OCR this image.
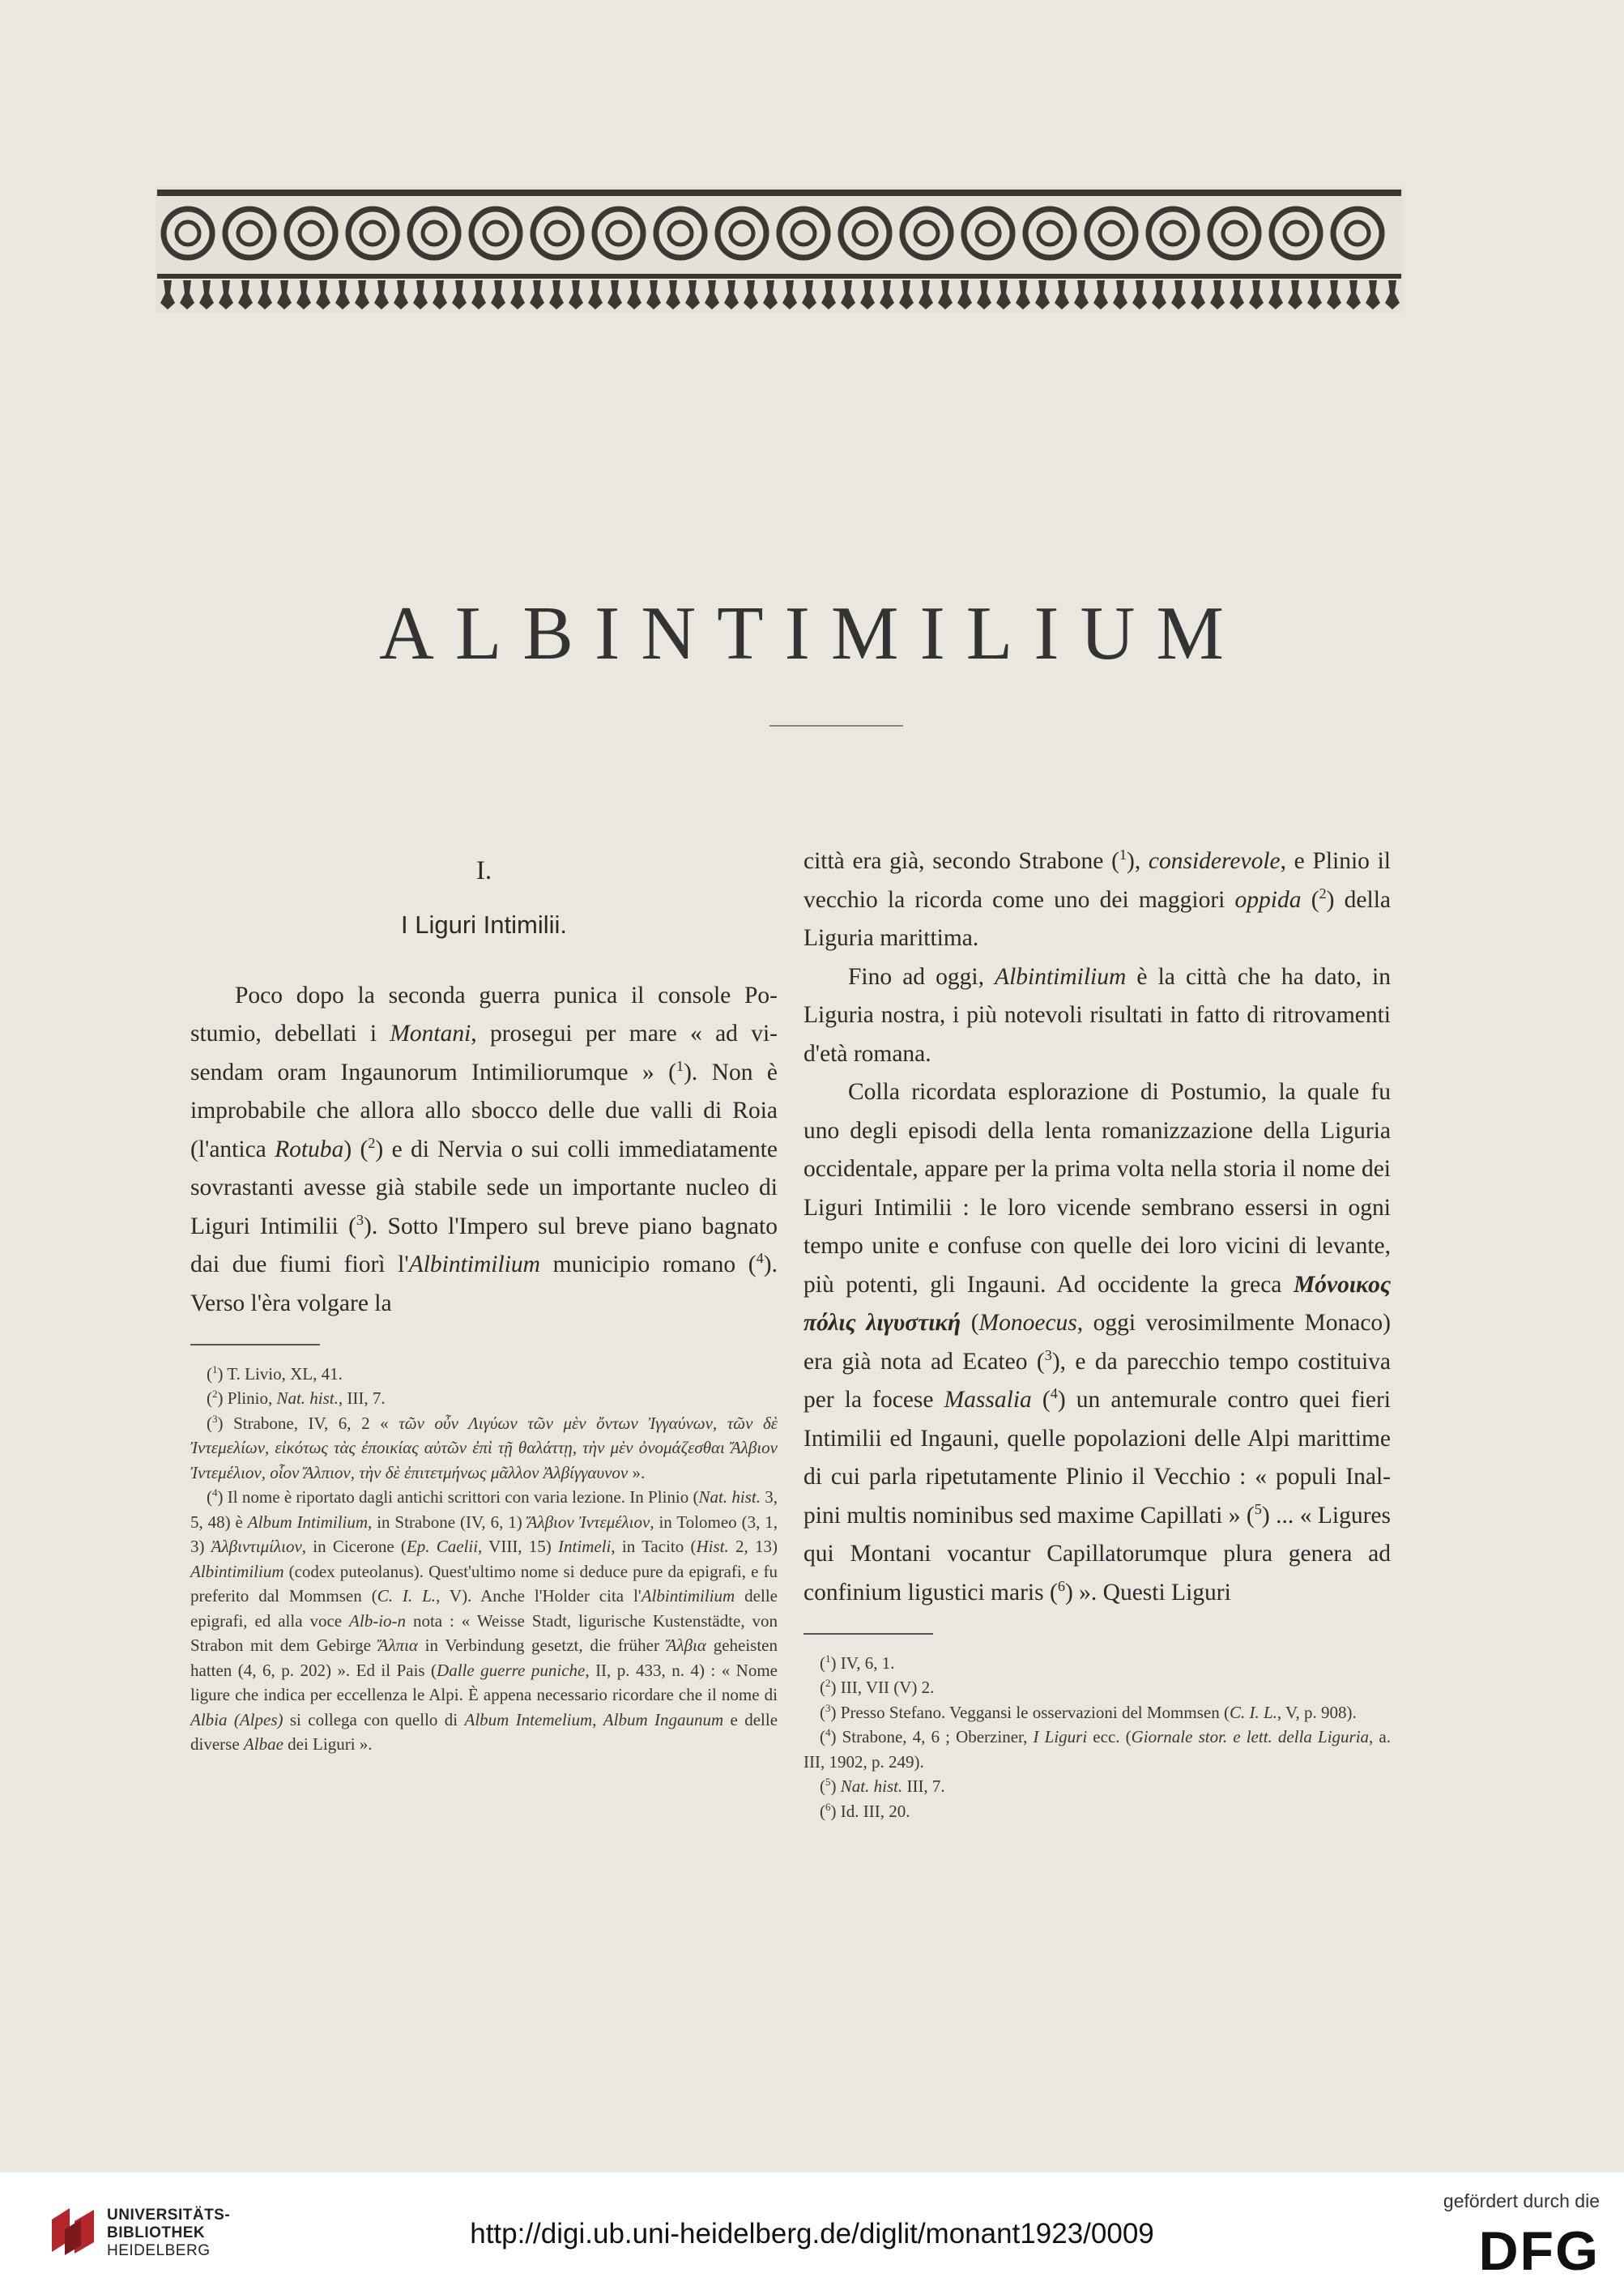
ALBINTIMILIUM

I.

I Liguri Intimilii.

Poco dopo la seconda guerra punica il console Postumio, debellati i Montani, prosegui per mare « ad visendam oram Ingaunorum Intimiliorumque » ($^1$). Non è improbabile che allora allo sbocco delle due valli di Roia (l'antica Rotuba) ($^2$) e di Nervia o sui colli immediatamente sovrastanti avesse già stabile sede un importante nucleo di Liguri Intimilii ($^3$). Sotto l'Impero sul breve piano bagnato dai due fiumi fiorì l'Albintimilium municipio romano ($^4$). Verso l'èra volgare la

($^1$) T. Livio, XL, 41.

($^2$) Plinio, Nat. hist., III, 7.

($^3$) Strabone, IV, 6, 2 « τῶν οὖν Λιγύων τῶν μὲν ὄντων Ἰγγαύνων, τῶν δὲ Ἰντεμελίων, εἰκότως τὰς ἐποικίας αὐτῶν ἐπὶ τῇ θαλάττῃ, τὴν μὲν ὀνομάζεσθαι Ἄλβιον Ἰντεμέλιον, οἷον Ἄλπιον, τὴν δὲ ἐπιτετμήνως μᾶλλον Ἀλβίγγαυνον ».

($^4$) Il nome è riportato dagli antichi scrittori con varia lezione. In Plinio (Nat. hist. 3, 5, 48) è Album Intimilium, in Strabone (IV, 6, 1) Ἄλβιον Ἰντεμέλιον, in Tolomeo (3, 1, 3) Ἀλβιντιμίλιον, in Cicerone (Ep. Caelii, VIII, 15) Intimeli, in Tacito (Hist. 2, 13) Albintimilium (codex puteolanus). Quest'ultimo nome si deduce pure da epigrafi, e fu preferito dal Mommsen (C. I. L., V). Anche l'Holder cita l'Albintimilium delle epigrafi, ed alla voce Alb-io-n nota : « Weisse Stadt, ligurische Kustenstädte, von Strabon mit dem Gebirge Ἄλπια in Verbindung gesetzt, die früher Ἄλβια geheisten hatten (4, 6, p. 202) ». Ed il Pais (Dalle guerre puniche, II, p. 433, n. 4) : « Nome ligure che indica per eccellenza le Alpi. È appena necessario ricordare che il nome di Albia (Alpes) si collega con quello di Album Intemelium, Album Ingaunum e delle diverse Albae dei Liguri ».

città era già, secondo Strabone ($^1$), considerevole, e Plinio il vecchio la ricorda come uno dei maggiori oppida ($^2$) della Liguria marittima.

Fino ad oggi, Albintimilium è la città che ha dato, in Liguria nostra, i più notevoli risultati in fatto di ritrovamenti d'età romana.

Colla ricordata esplorazione di Postumio, la quale fu uno degli episodi della lenta romanizzazione della Liguria occidentale, appare per la prima volta nella storia il nome dei Liguri Intimilii : le loro vicende sembrano essersi in ogni tempo unite e confuse con quelle dei loro vicini di levante, più potenti, gli Ingauni. Ad occidente la greca Μόνοικος πόλις λιγυστική (Monoecus, oggi verosimilmente Monaco) era già nota ad Ecateo ($^3$), e da parecchio tempo costituiva per la focese Massalia ($^4$) un antemurale contro quei fieri Intimilii ed Ingauni, quelle popolazioni delle Alpi marittime di cui parla ripetutamente Plinio il Vecchio : « populi Inalpini multis nominibus sed maxime Capillati » ($^5$) ... « Ligures qui Montani vocantur Capillatorumque plura genera ad confinium ligustici maris ($^6$) ». Questi Liguri

($^1$) IV, 6, 1.

($^2$) III, VII (V) 2.

($^3$) Presso Stefano. Veggansi le osservazioni del Mommsen (C. I. L., V, p. 908).

($^4$) Strabone, 4, 6 ; Oberziner, I Liguri ecc. (Giornale stor. e lett. della Liguria, a. III, 1902, p. 249).

($^5$) Nat. hist. III, 7.

($^6$) Id. III, 20.

UNIVERSITÄTS-
BIBLIOTHEK
HEIDELBERG
http://digi.ub.uni-heidelberg.de/diglit/monant1923/0009
gefördert durch die
DFG
